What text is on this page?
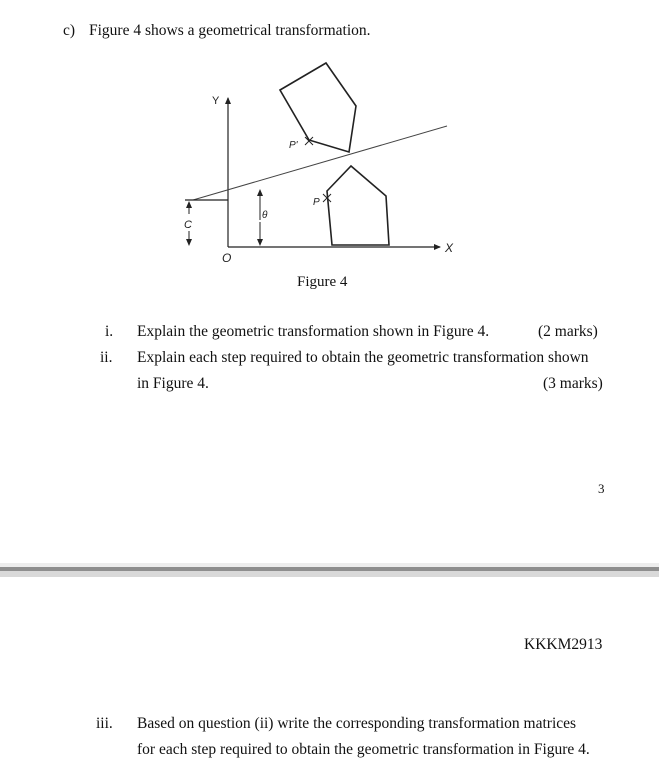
c) Figure 4 shows a geometrical transformation.
Y
X
O
C
θ
P'
P
Figure 4
i. Explain the geometric transformation shown in Figure 4.	(2 marks)
ii. Explain each step required to obtain the geometric transformation shown
in Figure 4.	(3 marks)
3
KKKM2913
iii. Based on question (ii) write the corresponding transformation matrices
for each step required to obtain the geometric transformation in Figure 4.
